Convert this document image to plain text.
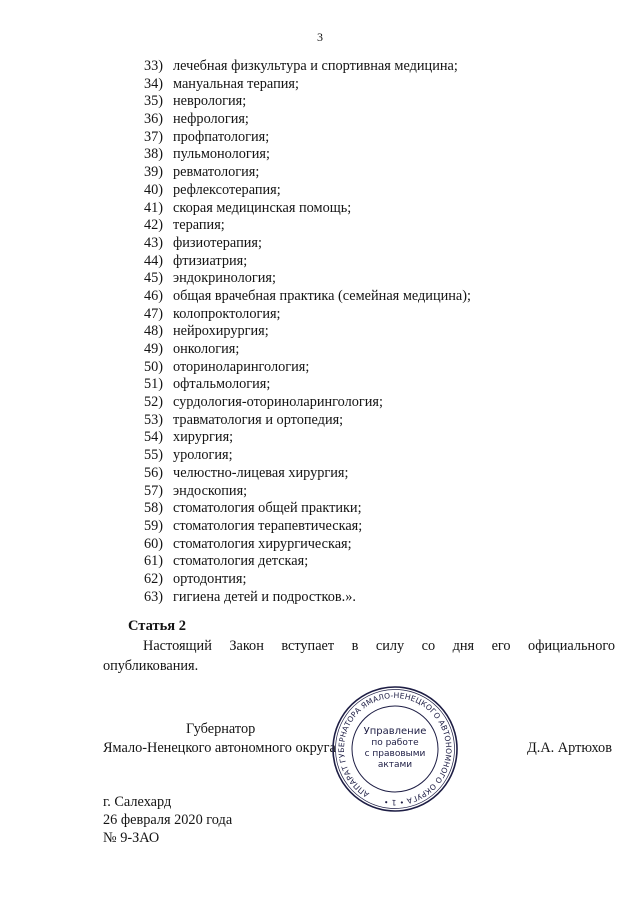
3
33) лечебная физкультура и спортивная медицина;
34) мануальная терапия;
35) неврология;
36) нефрология;
37) профпатология;
38) пульмонология;
39) ревматология;
40) рефлексотерапия;
41) скорая медицинская помощь;
42) терапия;
43) физиотерапия;
44) фтизиатрия;
45) эндокринология;
46) общая врачебная практика (семейная медицина);
47) колопроктология;
48) нейрохирургия;
49) онкология;
50) оториноларингология;
51) офтальмология;
52) сурдология-оториноларингология;
53) травматология и ортопедия;
54) хирургия;
55) урология;
56) челюстно-лицевая хирургия;
57) эндоскопия;
58) стоматология общей практики;
59) стоматология терапевтическая;
60) стоматология хирургическая;
61) стоматология детская;
62) ортодонтия;
63) гигиена детей и подростков.».
Статья 2

Настоящий Закон вступает в силу со дня его официального

опубликования.
Губернатор
Ямало-Ненецкого автономного округа	Д.А. Артюхов
АППАРАТ ГУБЕРНАТОРА ЯМАЛО-НЕНЕЦКОГО АВТОНОМНОГО ОКРУГА • 1 •
Управление
по работе
с правовыми
актами
г. Салехард
26 февраля 2020 года
№ 9-ЗАО
